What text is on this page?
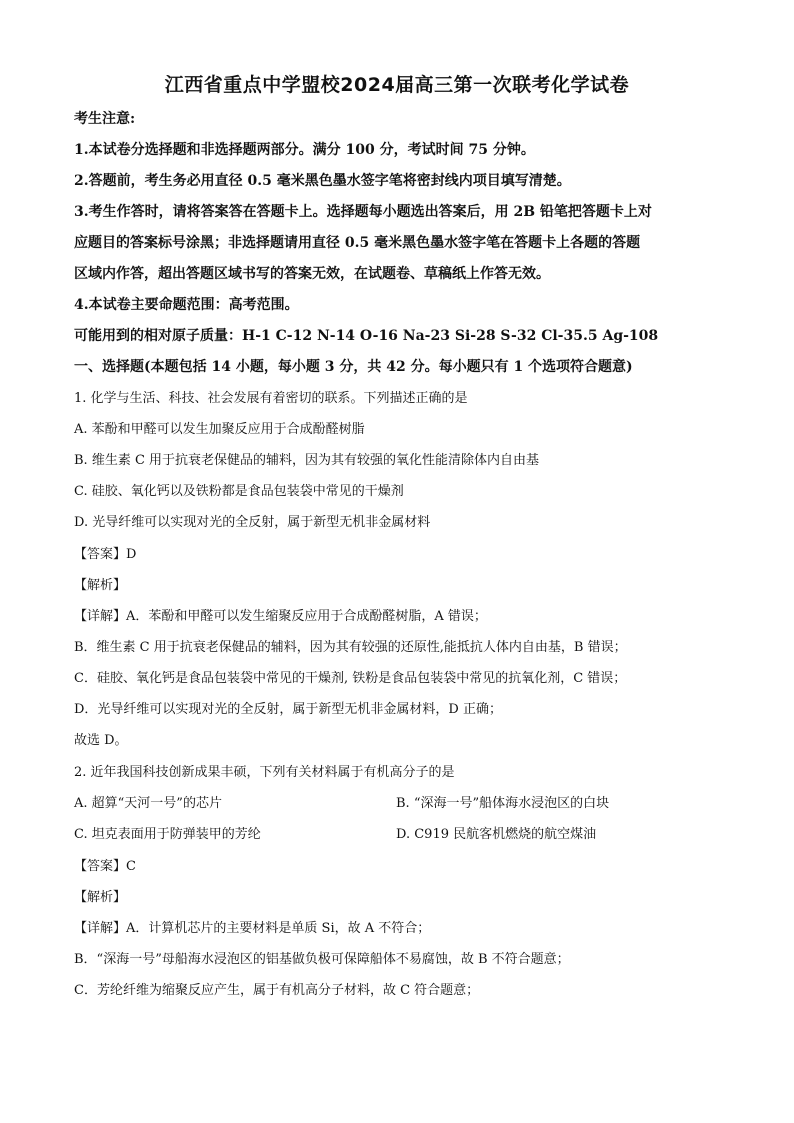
江西省重点中学盟校2024届高三第一次联考化学试卷
考生注意:
1.本试卷分选择题和非选择题两部分。满分 100 分，考试时间 75 分钟。
2.答题前，考生务必用直径 0.5 毫米黑色墨水签字笔将密封线内项目填写清楚。
3.考生作答时，请将答案答在答题卡上。选择题每小题选出答案后，用 2B 铅笔把答题卡上对
应题目的答案标号涂黑；非选择题请用直径 0.5 毫米黑色墨水签字笔在答题卡上各题的答题
区域内作答，超出答题区域书写的答案无效，在试题卷、草稿纸上作答无效。
4.本试卷主要命题范围：高考范围。
可能用到的相对原子质量：H-1 C-12 N-14 O-16 Na-23 Si-28 S-32 Cl-35.5 Ag-108
一、选择题(本题包括 14 小题，每小题 3 分，共 42 分。每小题只有 1 个选项符合题意)
1. 化学与生活、科技、社会发展有着密切的联系。下列描述正确的是
A. 苯酚和甲醛可以发生加聚反应用于合成酚醛树脂
B. 维生素 C 用于抗衰老保健品的辅料，因为其有较强的氧化性能清除体内自由基
C. 硅胶、氧化钙以及铁粉都是食品包装袋中常见的干燥剂
D. 光导纤维可以实现对光的全反射，属于新型无机非金属材料
【答案】D
【解析】
【详解】A．苯酚和甲醛可以发生缩聚反应用于合成酚醛树脂，A 错误；
B．维生素 C 用于抗衰老保健品的辅料，因为其有较强的还原性,能抵抗人体内自由基，B 错误；
C．硅胶、氧化钙是食品包装袋中常见的干燥剂, 铁粉是食品包装袋中常见的抗氧化剂，C 错误；
D．光导纤维可以实现对光的全反射，属于新型无机非金属材料，D 正确；
故选 D。
2. 近年我国科技创新成果丰硕，下列有关材料属于有机高分子的是
A. 超算“天河一号”的芯片	B. “深海一号”船体海水浸泡区的白块
C. 坦克表面用于防弹装甲的芳纶	D. C919 民航客机燃烧的航空煤油
【答案】C
【解析】
【详解】A．计算机芯片的主要材料是单质 Si，故 A 不符合；
B．“深海一号”母船海水浸泡区的铝基做负极可保障船体不易腐蚀，故 B 不符合题意；
C．芳纶纤维为缩聚反应产生，属于有机高分子材料，故 C 符合题意；
